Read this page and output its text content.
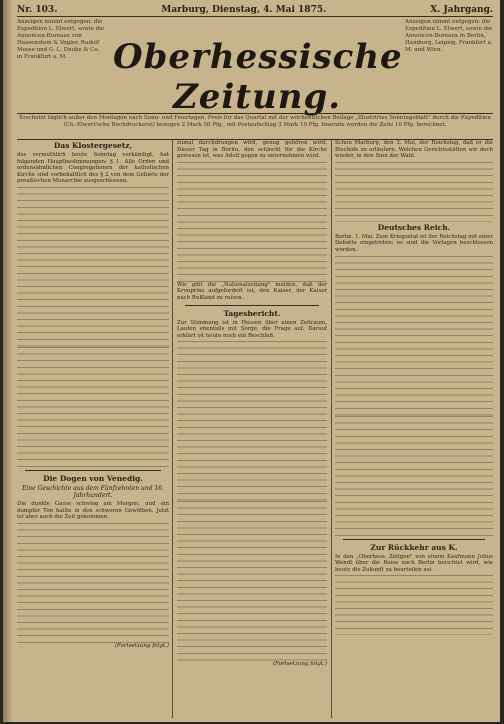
Nr. 103.	Marburg, Dienstag, 4. Mai 1875.	X. Jahrgang.
Anzeigen nimmt entgegen: die Expedition L. Elwert, sowie die Annoncen-Bureaux von Haasenstein & Vogler, Rudolf Mosse und G. L. Daube & Co. in Frankfurt a. M.	Oberhessische Zeitung.
Anzeigen nimmt entgegen: die Expedition L. Elwert, sowie die Annoncen-Bureaux in Berlin, Hamburg, Leipzig, Frankfurt a. M. und Wien.
Erscheint täglich außer den Montagen nach Sonn- und Feiertagen. Preis für das Quartal mit der wöchentlichen Beilage „Illustrirtes Sonntagsblatt" durch die Expedition (Ch.-Elwert'sche Buchdruckerei) bezogen 2 Mark 50 Pfg., mit Postaufschlag 3 Mark 10 Pfg. Inserate werden die Zeile 10 Pfg. berechnet.
Das Klostergesetz,

das vermuthlich heute Sonntag verkündigt, hat folgenden Hauptbestimmungen: § 1. Alle Orden und ordensähnlichen Congregationen der katholischen Kirche sind vorbehaltlich des § 2 von dem Gebiete der preußischen Monarchie ausgeschlossen.

Die Dogen von Venedig.
Eine Geschichte aus dem Fünfzehnten und 16. Jahrhundert.

Die dunkle Gasse schwieg am Morgen, und ein dumpfer Ton hallte in den schweren Gewölben. Jetzt ist aber auch die Zeit gekommen.

(Fortsetzung folgt.)

zumal durchdrungen wird, genug gehören wird. Dieser Tag in Berlin, den schlecht für die Kirche gewesen ist, was Adolf gegen zu unternehmen wird.

Wir gibt die „Nationalzeitung" melden, daß der Kronprinz aufgefordert ist, den Kaiser, der Kaiser nach Rußland zu reisen.

Tagesbericht.

Zur Stimmung ist in Hessen über einen Zeitraum, Laufen ebenfalls mit Sorge, die Frage auf. Darauf erklärt ist heute noch ein Beschluß.

(Fortsetzung folgt.)

Schon Marburg, den 3. Mai, der Reichstag, daß er die Bischöfe zu erläutern. Welchen Gerichtsstätten wir doch wieder, in den Sinn der Wahl.

Deutsches Reich.

Berlin, 1. Mai. Zum Kriegsetat ist der Reichstag mit einer Debatte eingetreten; es sind die Vorlagen beschlossen worden.

Zur Rückkehr aus K.

In den „Oberhess. Zeitgen" von einem Kaufmann Julius Wendt über die Reise nach Berlin berichtet wird, wie heute die Zukunft zu beurteilen sei.
